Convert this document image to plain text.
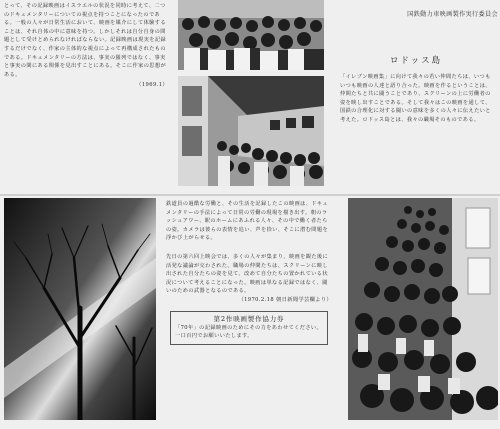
とって、その記録映画はイスラエルの状況を同時に考えて、二つのドキュメンタリーについての視点を持つことになったのである。一般の人々が日常生活において、映画を媒介にして体験することは、それ自体の中に意味を持つ。しかしそれは自分自身の問題として受けとめられなければならない。記録映画は現実を記録するだけでなく、作家の主体的な視点によって再構成されたものである。ドキュメンタリーの方法は、事実の羅列ではなく、事実と事実の間にある関係を見出すことにある。そこに作家の思想がある。
（1969.1）
国鉄動力車映画製作実行委員会
ロドッス島
「イレブン映画集」に向けて我々の若い仲間たちは、いつもいつも映画の人達と語り合った。映画を作るということは、仲間たちと共に闘うことであり、スクリーンの上に労働者の姿を映し出すことである。そして我々はこの映画を通して、国鉄の合理化に対する闘いの意味を多くの人々に伝えたいと考えた。ロドッス島とは、我々の職場そのものである。
鉄道員の過酷な労働と、その生活を記録したこの映画は、ドキュメンタリーの手法によって日常の労働の現場を描き出す。朝のラッシュアワー、駅のホームにあふれる人々、その中で働く者たちの姿。カメラは彼らの表情を追い、声を拾い、そこに潜む問題を浮かび上がらせる。
先日の第六回上映会では、多くの人々が集まり、映画を観た後に活発な議論が交わされた。職場の仲間たちは、スクリーンに映し出された自分たちの姿を見て、改めて自分たちの置かれている状況について考えることになった。映画は単なる記録ではなく、闘いのための武器となるのである。
（1970.2.18 朝日新聞学芸欄より）
第2作映画製作協力券
「70年」の記録映画のためにその力をあわせてください。一口百円でお願いいたします。
